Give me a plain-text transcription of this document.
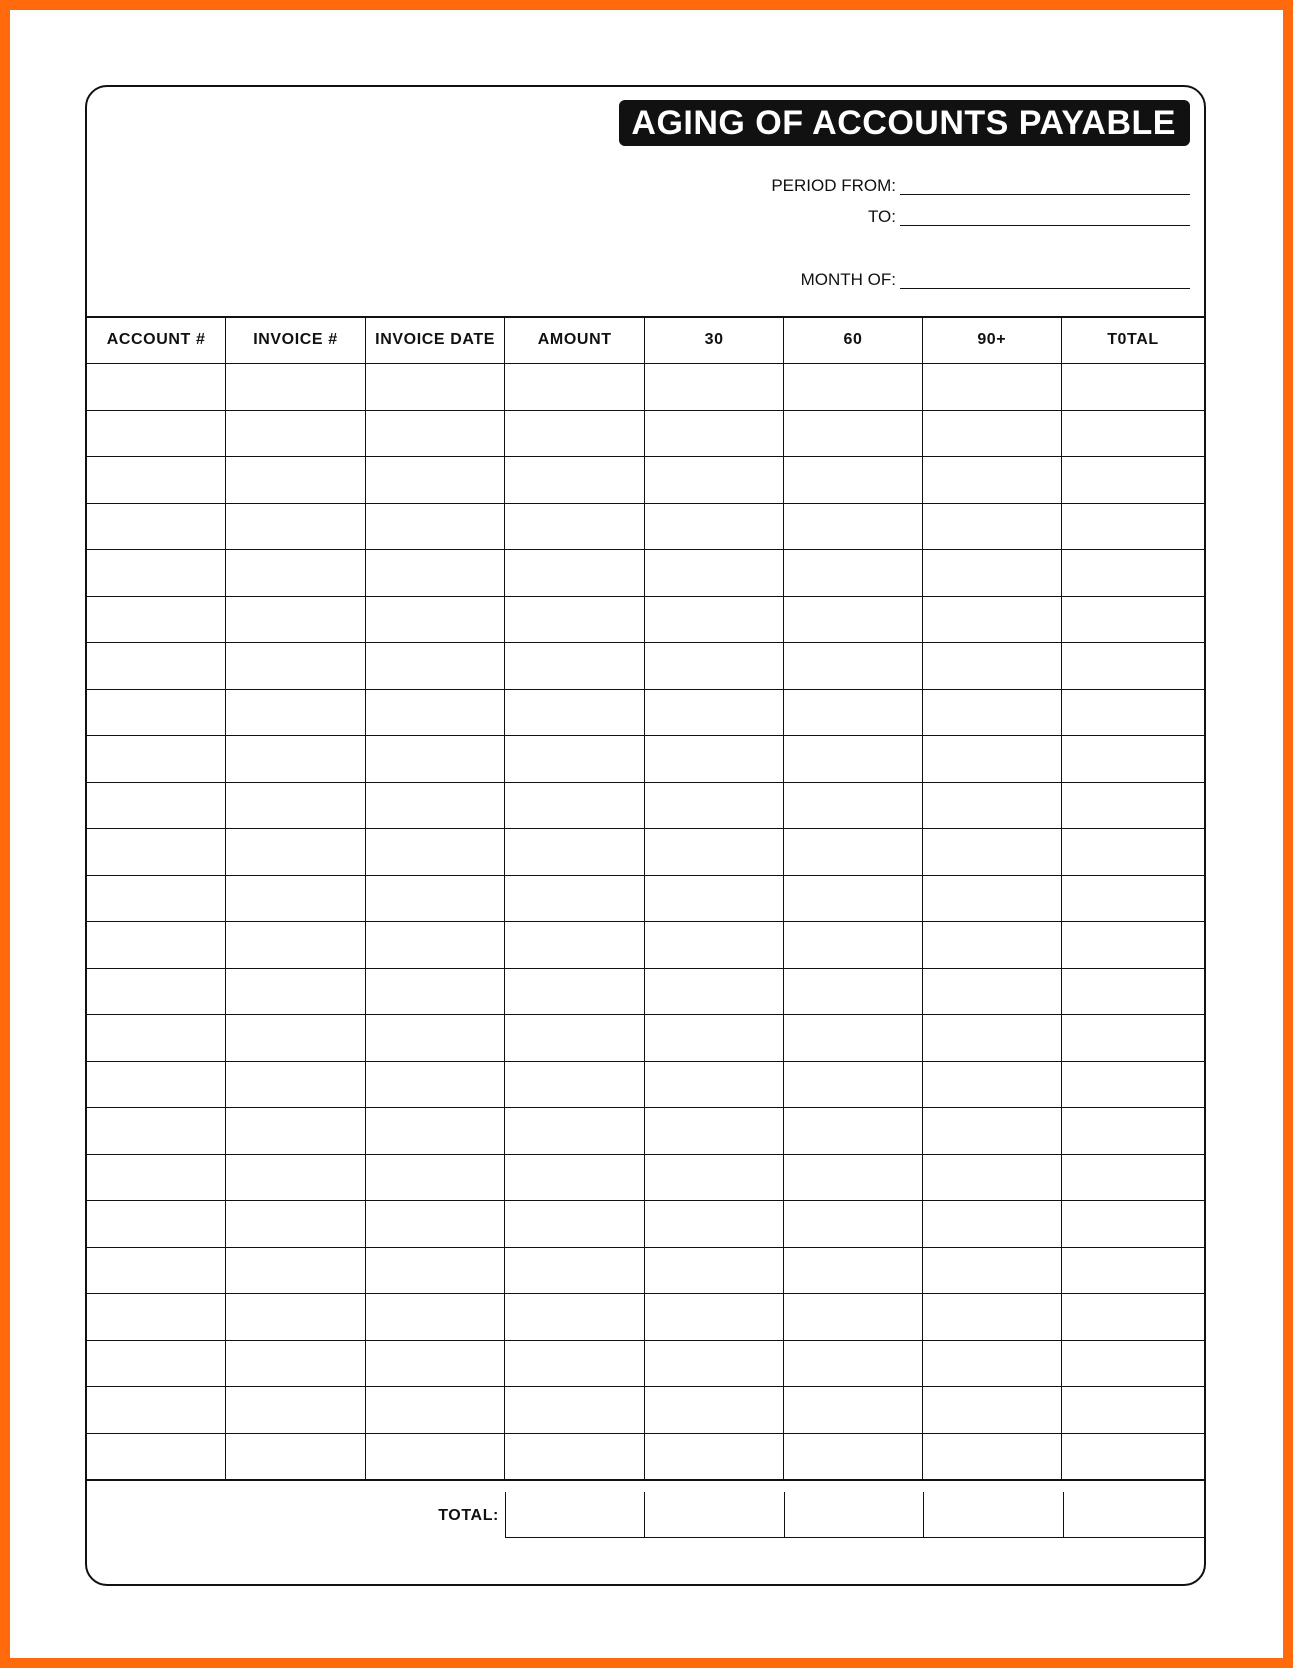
AGING OF ACCOUNTS PAYABLE
PERIOD FROM:
TO:
MONTH OF:
ACCOUNT #	INVOICE #	INVOICE DATE	AMOUNT	30	60	90+	T0TAL

TOTAL:
